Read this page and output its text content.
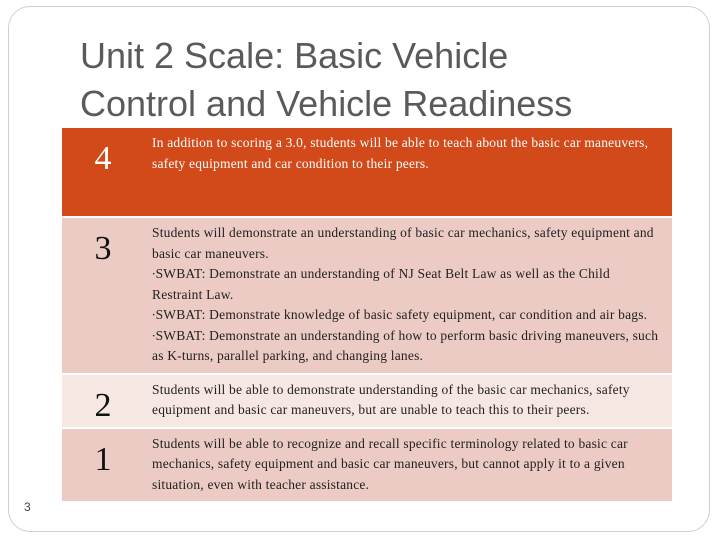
Unit 2 Scale: Basic Vehicle
Control and Vehicle Readiness
4	In addition to scoring a 3.0, students will be able to teach about the basic car maneuvers, safety equipment and car condition to their peers.

3	Students will demonstrate an understanding of basic car mechanics, safety equipment and basic car maneuvers.

∙SWBAT: Demonstrate an understanding of NJ Seat Belt Law as well as the Child Restraint Law.
∙SWBAT: Demonstrate knowledge of basic safety equipment, car condition and air bags.
∙SWBAT: Demonstrate an understanding of how to perform basic driving maneuvers, such as K-turns, parallel parking, and changing lanes.

2	Students will be able to demonstrate understanding of the basic car mechanics, safety equipment and basic car maneuvers, but are unable to teach this to their peers.

1	Students will be able to recognize and recall specific terminology related to basic car mechanics, safety equipment and basic car maneuvers, but cannot apply it to a given situation, even with teacher assistance.

3
